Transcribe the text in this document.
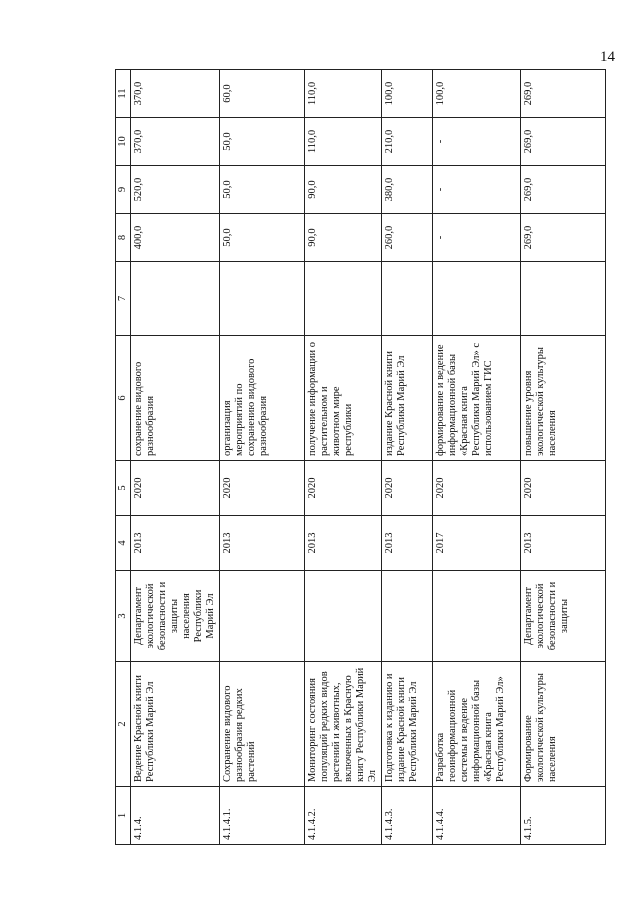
14
1	2	3	4	5	6	7	8	9	10	11
4.1.4.	Ведение Красной книги Республики Марий Эл	Департамент экологической безопасности и защиты населения Республики Марий Эл	2013	2020	сохранение видового разнообразия		400,0	520,0	370,0	370,0
4.1.4.1.	Сохранение видового разнообразия редких растений		2013	2020	организация мероприятий по сохранению видового разнообразия		50,0	50,0	50,0	60,0
4.1.4.2.	Мониторинг состояния популяций редких видов растений и животных, включенных в Красную книгу Республики Марий Эл		2013	2020	получение информации о растительном и животном мире республики		90,0	90,0	110,0	110,0
4.1.4.3.	Подготовка к изданию и издание Красной книги Республики Марий Эл		2013	2020	издание Красной книги Республики Марий Эл		260,0	380,0	210,0	100,0
4.1.4.4.	Разработка геоинформационной системы и ведение информационной базы «Красная книга Республики Марий Эл»		2017	2020	формирование и ведение информационной базы «Красная книга Республики Марий Эл» с использованием ГИС		-	-	-	100,0
4.1.5.	Формирование экологической культуры населения	Департамент экологической безопасности и защиты	2013	2020	повышение уровня экологической культуры населения		269,0	269,0	269,0	269,0
